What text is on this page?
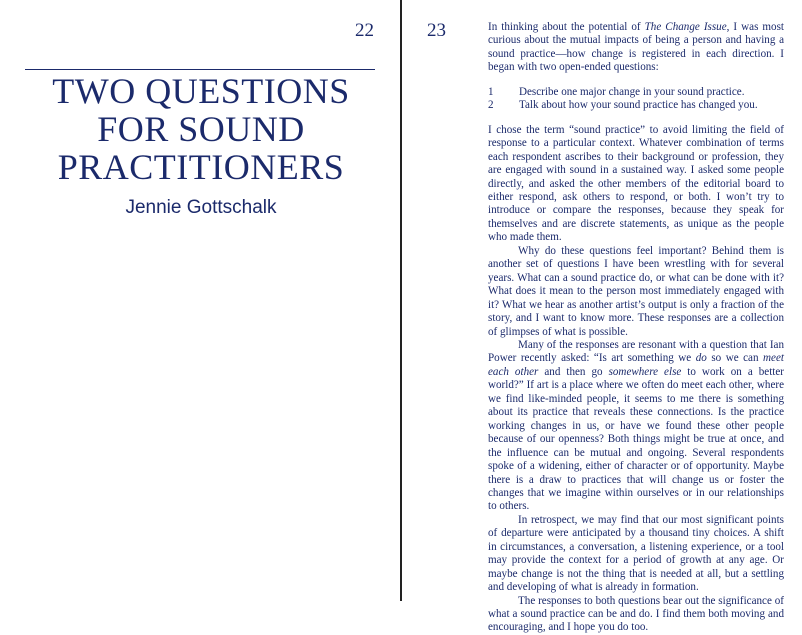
22
TWO QUESTIONS
FOR SOUND
PRACTITIONERS
Jennie Gottschalk
23	In thinking about the potential of The Change Issue, I was most curious about the mutual impacts of being a person and having a sound practice—how change is registered in each direction. I began with two open-ended questions:

1	Describe one major change in your sound practice.
2	Talk about how your sound practice has changed you.

I chose the term “sound practice” to avoid limiting the field of response to a particular context. Whatever combination of terms each respondent ascribes to their background or profession, they are engaged with sound in a sustained way. I asked some people directly, and asked the other members of the editorial board to either respond, ask others to respond, or both. I won’t try to introduce or compare the responses, because they speak for themselves and are discrete statements, as unique as the people who made them.

Why do these questions feel important? Behind them is another set of questions I have been wrestling with for several years. What can a sound practice do, or what can be done with it? What does it mean to the person most immediately engaged with it? What we hear as another artist’s output is only a fraction of the story, and I want to know more. These responses are a collection of glimpses of what is possible.

Many of the responses are resonant with a question that Ian Power recently asked: “Is art something we do so we can meet each other and then go somewhere else to work on a better world?” If art is a place where we often do meet each other, where we find like-minded people, it seems to me there is something about its practice that reveals these connections. Is the practice working changes in us, or have we found these other people because of our openness? Both things might be true at once, and the influence can be mutual and ongoing. Several respondents spoke of a widening, either of character or of opportunity. Maybe there is a draw to practices that will change us or foster the changes that we imagine within ourselves or in our relationships to others.

In retrospect, we may find that our most significant points of departure were anticipated by a thousand tiny choices. A shift in circumstances, a conversation, a listening experience, or a tool may provide the context for a period of growth at any age. Or maybe change is not the thing that is needed at all, but a settling and developing of what is already in formation.

The responses to both questions bear out the significance of what a sound practice can be and do. I find them both moving and encouraging, and I hope you do too.
